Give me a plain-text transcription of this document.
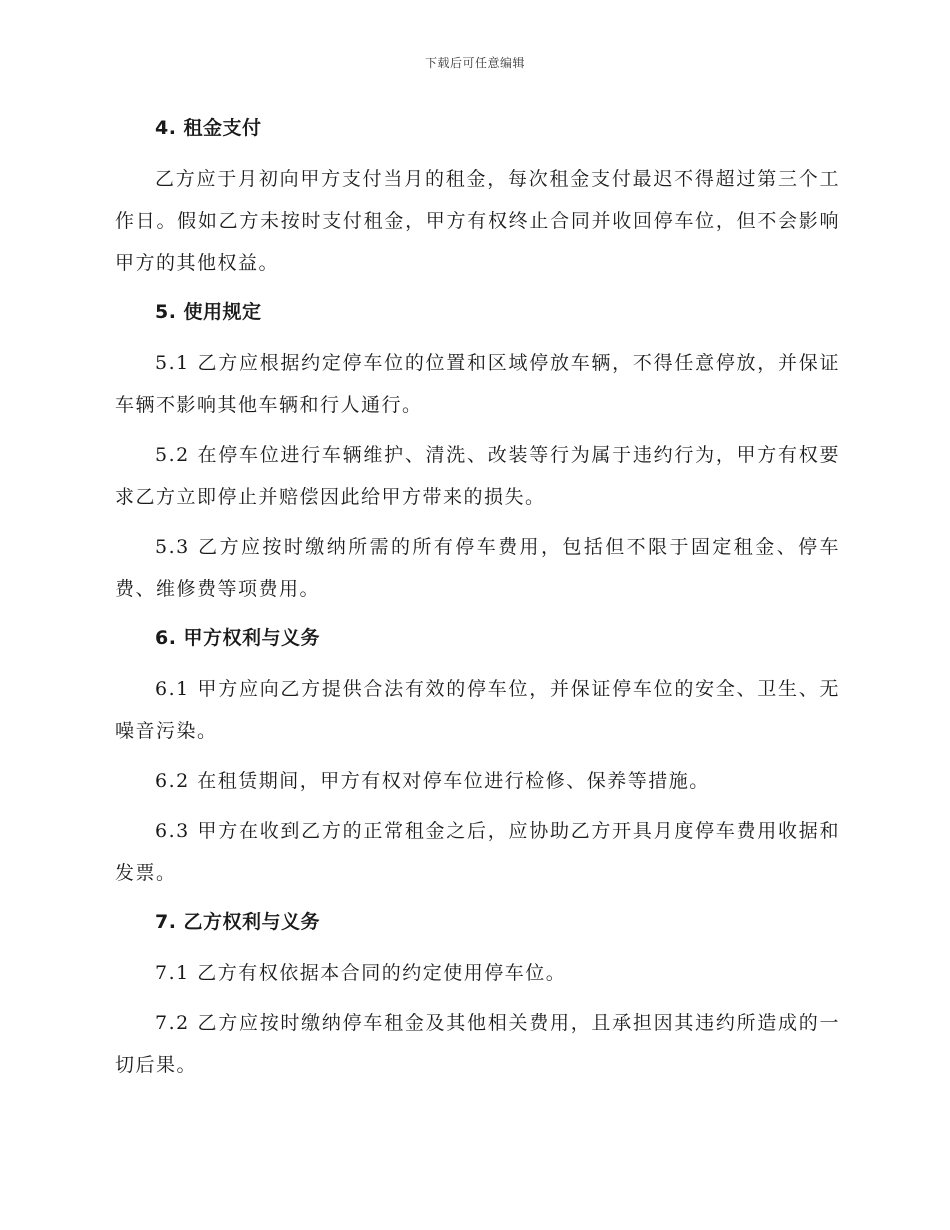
下载后可任意编辑
4. 租金支付

乙方应于月初向甲方支付当月的租金，每次租金支付最迟不得超过第三个工作日。假如乙方未按时支付租金，甲方有权终止合同并收回停车位，但不会影响甲方的其他权益。

5. 使用规定

5.1 乙方应根据约定停车位的位置和区域停放车辆，不得任意停放，并保证车辆不影响其他车辆和行人通行。

5.2 在停车位进行车辆维护、清洗、改装等行为属于违约行为，甲方有权要求乙方立即停止并赔偿因此给甲方带来的损失。

5.3 乙方应按时缴纳所需的所有停车费用，包括但不限于固定租金、停车费、维修费等项费用。

6. 甲方权利与义务

6.1 甲方应向乙方提供合法有效的停车位，并保证停车位的安全、卫生、无噪音污染。

6.2 在租赁期间，甲方有权对停车位进行检修、保养等措施。

6.3 甲方在收到乙方的正常租金之后，应协助乙方开具月度停车费用收据和发票。

7. 乙方权利与义务

7.1 乙方有权依据本合同的约定使用停车位。

7.2 乙方应按时缴纳停车租金及其他相关费用，且承担因其违约所造成的一切后果。
